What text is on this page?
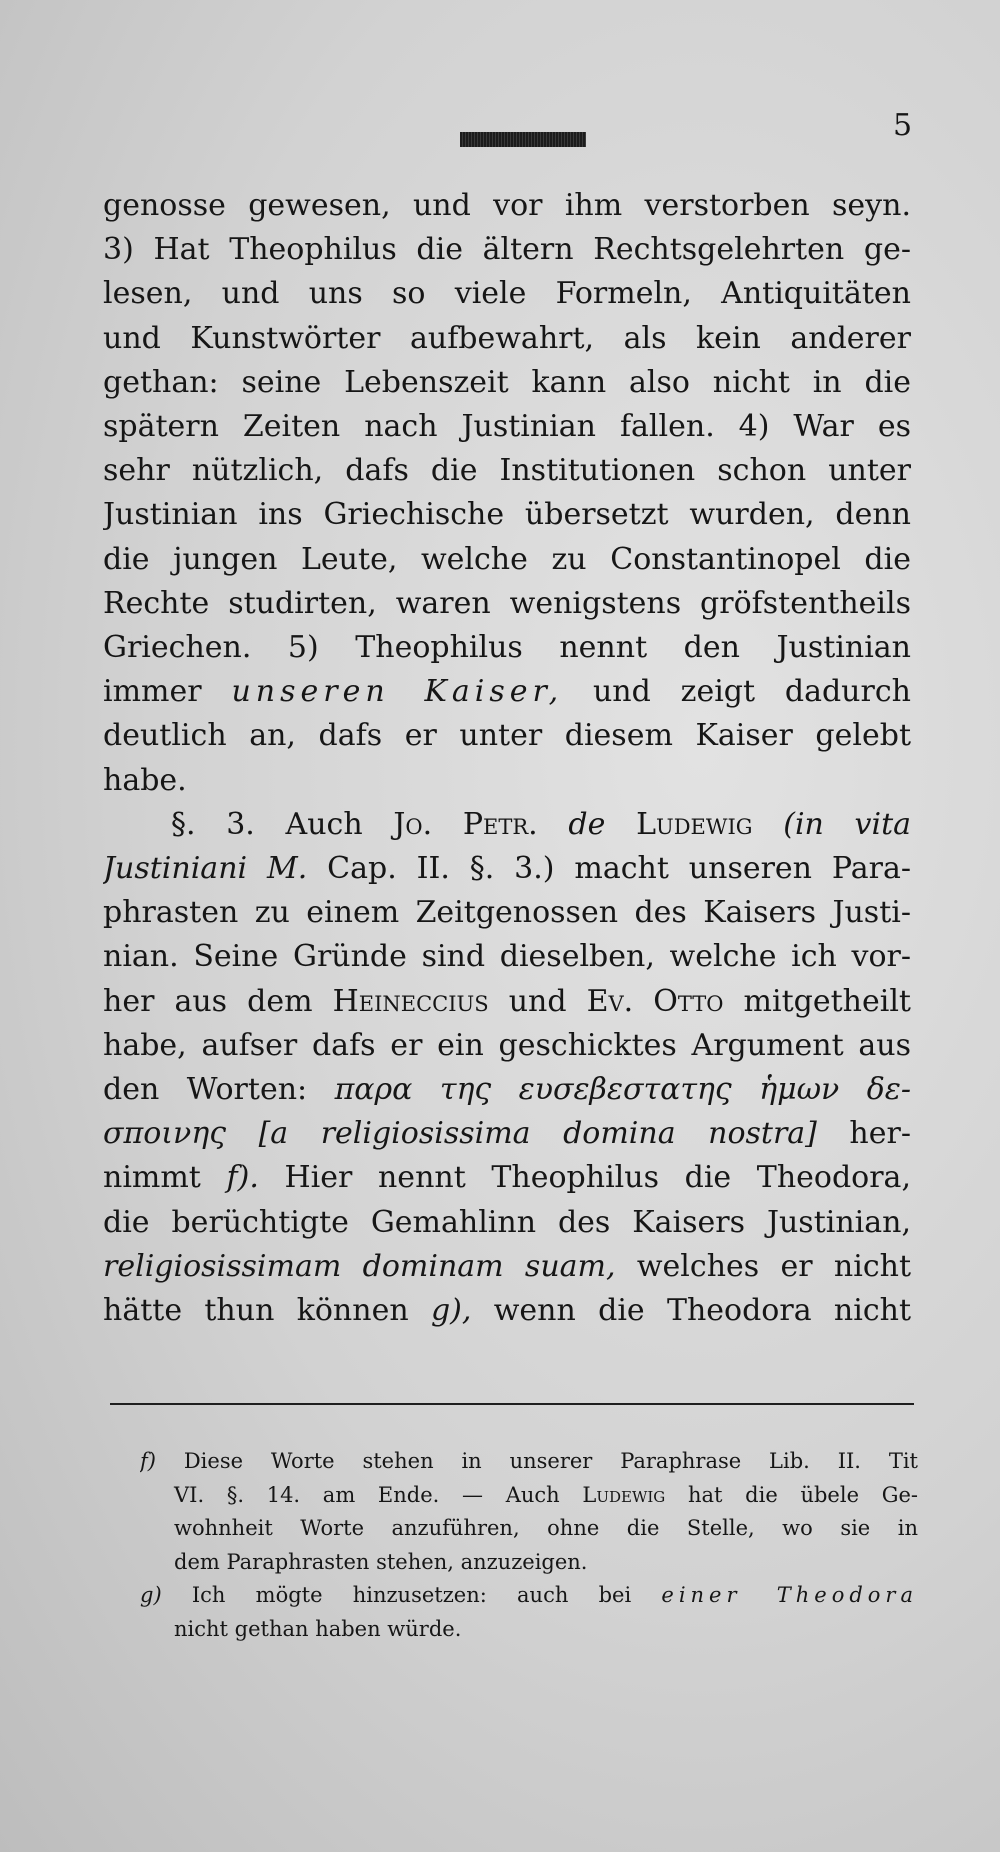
5
genosse gewesen, und vor ihm verstorben seyn.
3) Hat Theophilus die ältern Rechtsgelehrten ge-
lesen, und uns so viele Formeln, Antiquitäten
und Kunstwörter aufbewahrt, als kein anderer
gethan: seine Lebenszeit kann also nicht in die
spätern Zeiten nach Justinian fallen. 4) War es
sehr nützlich, dafs die Institutionen schon unter
Justinian ins Griechische übersetzt wurden, denn
die jungen Leute, welche zu Constantinopel die
Rechte studirten, waren wenigstens gröfstentheils
Griechen. 5) Theophilus nennt den Justinian
immer unseren Kaiser, und zeigt dadurch
deutlich an, dafs er unter diesem Kaiser gelebt
habe.
§. 3. Auch Jo. Petr. de Ludewig (in vita
Justiniani M. Cap. II. §. 3.) macht unseren Para-
phrasten zu einem Zeitgenossen des Kaisers Justi-
nian. Seine Gründe sind dieselben, welche ich vor-
her aus dem Heineccius und Ev. Otto mitgetheilt
habe, aufser dafs er ein geschicktes Argument aus
den Worten: παρα της ευσεβεστατης ἡμων δε-
σποινης [a religiosissima domina nostra] her-
nimmt f). Hier nennt Theophilus die Theodora,
die berüchtigte Gemahlinn des Kaisers Justinian,
religiosissimam dominam suam, welches er nicht
hätte thun können g), wenn die Theodora nicht
f) Diese Worte stehen in unserer Paraphrase Lib. II. Tit
VI. §. 14. am Ende. — Auch Ludewig hat die übele Ge-
wohnheit Worte anzuführen, ohne die Stelle, wo sie in
dem Paraphrasten stehen, anzuzeigen.
g) Ich mögte hinzusetzen: auch bei einer Theodora
nicht gethan haben würde.
